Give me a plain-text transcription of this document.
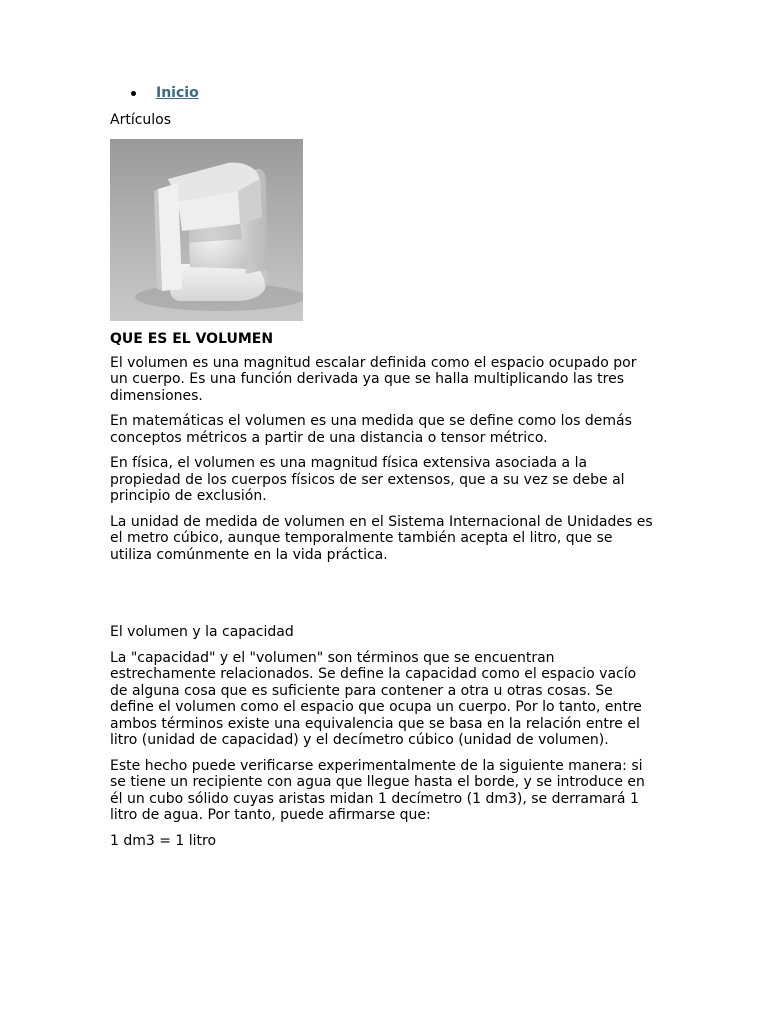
Inicio
Artículos
QUE ES EL VOLUMEN

El volumen es una magnitud escalar definida como el espacio ocupado por un cuerpo. Es una función derivada ya que se halla multiplicando las tres dimensiones.

En matemáticas el volumen es una medida que se define como los demás conceptos métricos a partir de una distancia o tensor métrico.

En física, el volumen es una magnitud física extensiva asociada a la propiedad de los cuerpos físicos de ser extensos, que a su vez se debe al principio de exclusión.

La unidad de medida de volumen en el Sistema Internacional de Unidades es el metro cúbico, aunque temporalmente también acepta el litro, que se utiliza comúnmente en la vida práctica.

El volumen y la capacidad

La "capacidad" y el "volumen" son términos que se encuentran estrechamente relacionados. Se define la capacidad como el espacio vacío de alguna cosa que es suficiente para contener a otra u otras cosas. Se define el volumen como el espacio que ocupa un cuerpo. Por lo tanto, entre ambos términos existe una equivalencia que se basa en la relación entre el litro (unidad de capacidad) y el decímetro cúbico (unidad de volumen).

Este hecho puede verificarse experimentalmente de la siguiente manera: si se tiene un recipiente con agua que llegue hasta el borde, y se introduce en él un cubo sólido cuyas aristas midan 1 decímetro (1 dm3), se derramará 1 litro de agua. Por tanto, puede afirmarse que:

1 dm3 = 1 litro
